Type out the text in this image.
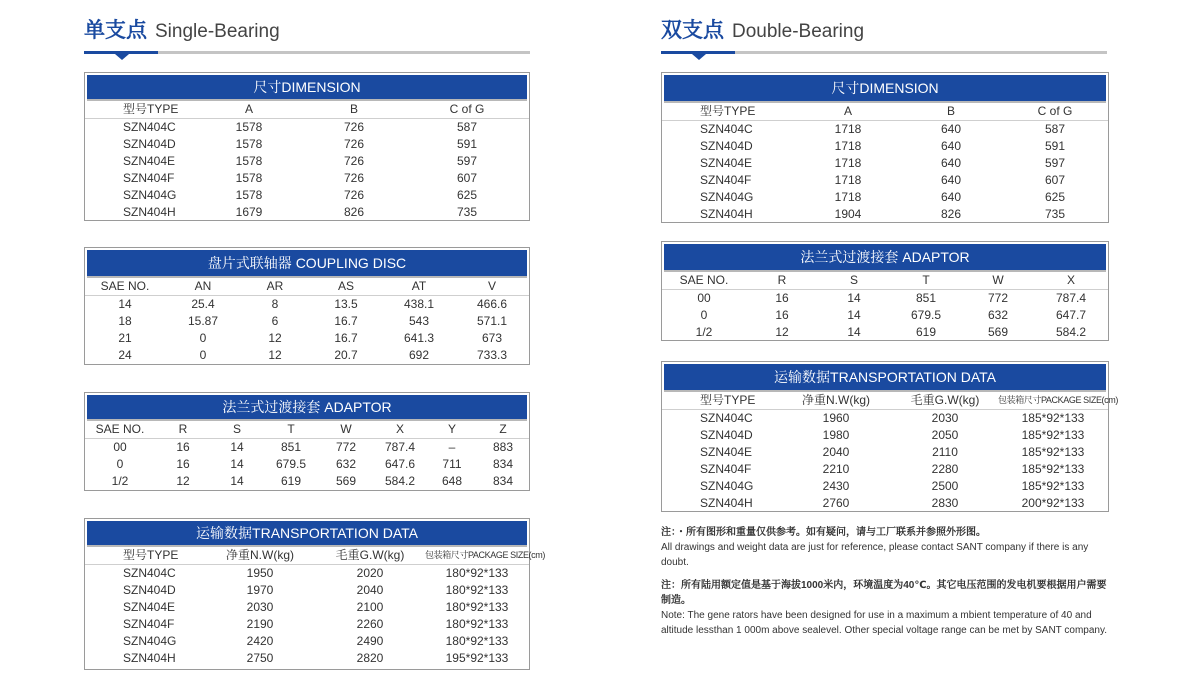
单支点 Single-Bearing
尺寸DIMENSION
型号TYPE	A	B	C of G
SZN404C	1578	726	587
SZN404D	1578	726	591
SZN404E	1578	726	597
SZN404F	1578	726	607
SZN404G	1578	726	625
SZN404H	1679	826	735
盘片式联轴器 COUPLING DISC
SAE NO.	AN	AR	AS	AT	V
14	25.4	8	13.5	438.1	466.6
18	15.87	6	16.7	543	571.1
21	0	12	16.7	641.3	673
24	0	12	20.7	692	733.3
法兰式过渡接套 ADAPTOR
SAE NO.	R	S	T	W	X	Y	Z
00	16	14	851	772	787.4	–	883
0	16	14	679.5	632	647.6	711	834
1/2	12	14	619	569	584.2	648	834
运输数据TRANSPORTATION DATA
型号TYPE	净重N.W(kg)	毛重G.W(kg)	包装箱尺寸PACKAGE SIZE(cm)
SZN404C	1950	2020	180*92*133
SZN404D	1970	2040	180*92*133
SZN404E	2030	2100	180*92*133
SZN404F	2190	2260	180*92*133
SZN404G	2420	2490	180*92*133
SZN404H	2750	2820	195*92*133
双支点 Double-Bearing
尺寸DIMENSION
型号TYPE	A	B	C of G
SZN404C	1718	640	587
SZN404D	1718	640	591
SZN404E	1718	640	597
SZN404F	1718	640	607
SZN404G	1718	640	625
SZN404H	1904	826	735
法兰式过渡接套 ADAPTOR
SAE NO.	R	S	T	W	X
00	16	14	851	772	787.4
0	16	14	679.5	632	647.7
1/2	12	14	619	569	584.2
运输数据TRANSPORTATION DATA
型号TYPE	净重N.W(kg)	毛重G.W(kg)	包装箱尺寸PACKAGE SIZE(cm)
SZN404C	1960	2030	185*92*133
SZN404D	1980	2050	185*92*133
SZN404E	2040	2110	185*92*133
SZN404F	2210	2280	185*92*133
SZN404G	2430	2500	185*92*133
SZN404H	2760	2830	200*92*133

注：・所有图形和重量仅供参考。如有疑问，请与工厂联系并参照外形图。
All drawings and weight data are just for reference, please contact SANT company if there is any doubt.

注：所有陆用额定值是基于海拔1000米内，环境温度为40℃。其它电压范围的发电机要根据用户需要制造。
Note: The gene rators have been designed for use in a maximum a mbient temperature of 40 and altitude lessthan 1 000m above sealevel. Other special voltage range can be met by SANT company.
